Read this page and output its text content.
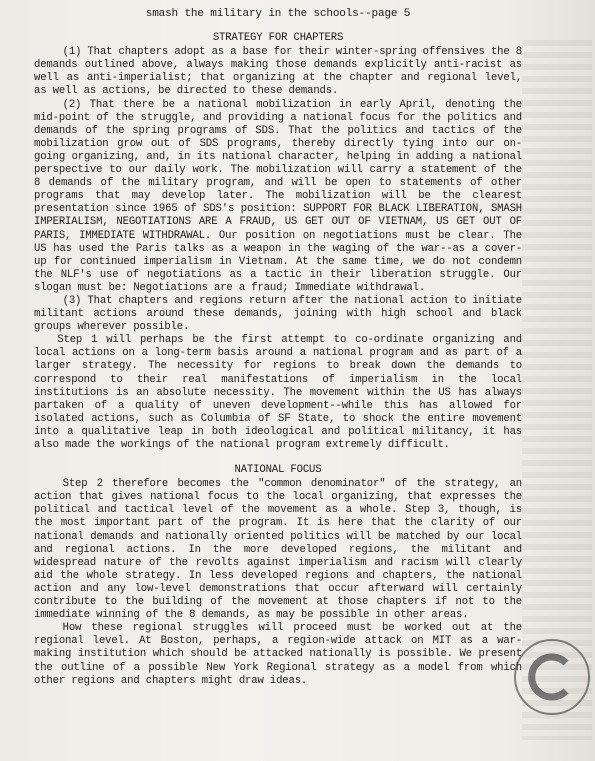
smash the military in the schools--page 5
STRATEGY FOR CHAPTERS

(1) That chapters adopt as a base for their winter-spring offensives the 8 demands outlined above, always making those demands explicitly anti-racist as well as anti-imperialist; that organizing at the chapter and regional level, as well as actions, be directed to these demands.

(2) That there be a national mobilization in early April, denoting the mid-point of the struggle, and providing a national focus for the politics and demands of the spring programs of SDS. That the politics and tactics of the mobilization grow out of SDS programs, thereby directly tying into our on-going organizing, and, in its national character, helping in adding a national perspective to our daily work. The mobilization will carry a statement of the 8 demands of the military program, and will be open to statements of other programs that may develop later. The mobilization will be the clearest presentation since 1965 of SDS's position: SUPPORT FOR BLACK LIBERATION, SMASH IMPERIALISM, NEGOTIATIONS ARE A FRAUD, US GET OUT OF VIETNAM, US GET OUT OF PARIS, IMMEDIATE WITHDRAWAL. Our position on negotiations must be clear. The US has used the Paris talks as a weapon in the waging of the war--as a cover-up for continued imperialism in Vietnam. At the same time, we do not condemn the NLF's use of negotiations as a tactic in their liberation struggle. Our slogan must be: Negotiations are a fraud; Immediate withdrawal.

(3) That chapters and regions return after the national action to initiate militant actions around these demands, joining with high school and black groups wherever possible.

Step 1 will perhaps be the first attempt to co-ordinate organizing and local actions on a long-term basis around a national program and as part of a larger strategy. The necessity for regions to break down the demands to correspond to their real manifestations of imperialism in the local institutions is an absolute necessity. The movement within the US has always partaken of a quality of uneven development--while this has allowed for isolated actions, such as Columbia of SF State, to shock the entire movement into a qualitative leap in both ideological and political militancy, it has also made the workings of the national program extremely difficult.

NATIONAL FOCUS

Step 2 therefore becomes the "common denominator" of the strategy, an action that gives national focus to the local organizing, that expresses the political and tactical level of the movement as a whole. Step 3, though, is the most important part of the program. It is here that the clarity of our national demands and nationally oriented politics will be matched by our local and regional actions. In the more developed regions, the militant and widespread nature of the revolts against imperialism and racism will clearly aid the whole strategy. In less developed regions and chapters, the national action and any low-level demonstrations that occur afterward will certainly contribute to the building of the movement at those chapters if not to the immediate winning of the 8 demands, as may be possible in other areas.

How these regional struggles will proceed must be worked out at the regional level. At Boston, perhaps, a region-wide attack on MIT as a war-making institution which should be attacked nationally is possible. We present the outline of a possible New York Regional strategy as a model from which other regions and chapters might draw ideas.
